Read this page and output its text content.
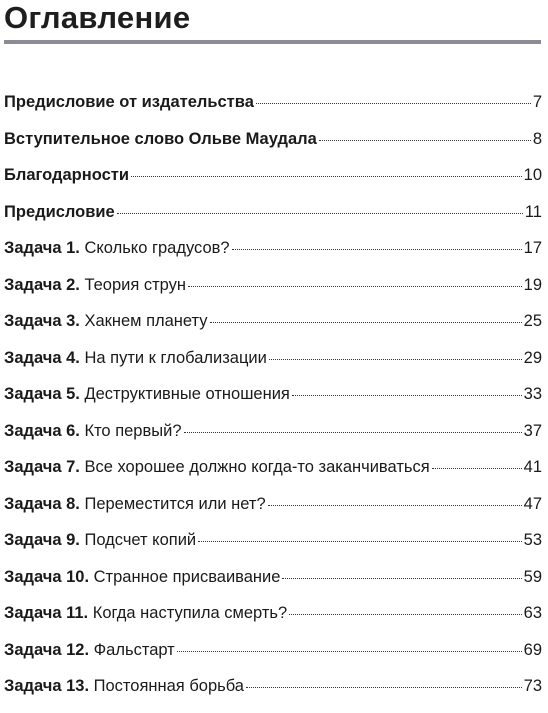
Оглавление
Предисловие от издательства	7
Вступительное слово Ольве Маудала	8
Благодарности	10
Предисловие	11
Задача 1. Сколько градусов?	17
Задача 2. Теория струн	19
Задача 3. Хакнем планету	25
Задача 4. На пути к глобализации	29
Задача 5. Деструктивные отношения	33
Задача 6. Кто первый?	37
Задача 7. Все хорошее должно когда-то заканчиваться	41
Задача 8. Переместится или нет?	47
Задача 9. Подсчет копий	53
Задача 10. Странное присваивание	59
Задача 11. Когда наступила смерть?	63
Задача 12. Фальстарт	69
Задача 13. Постоянная борьба	73
